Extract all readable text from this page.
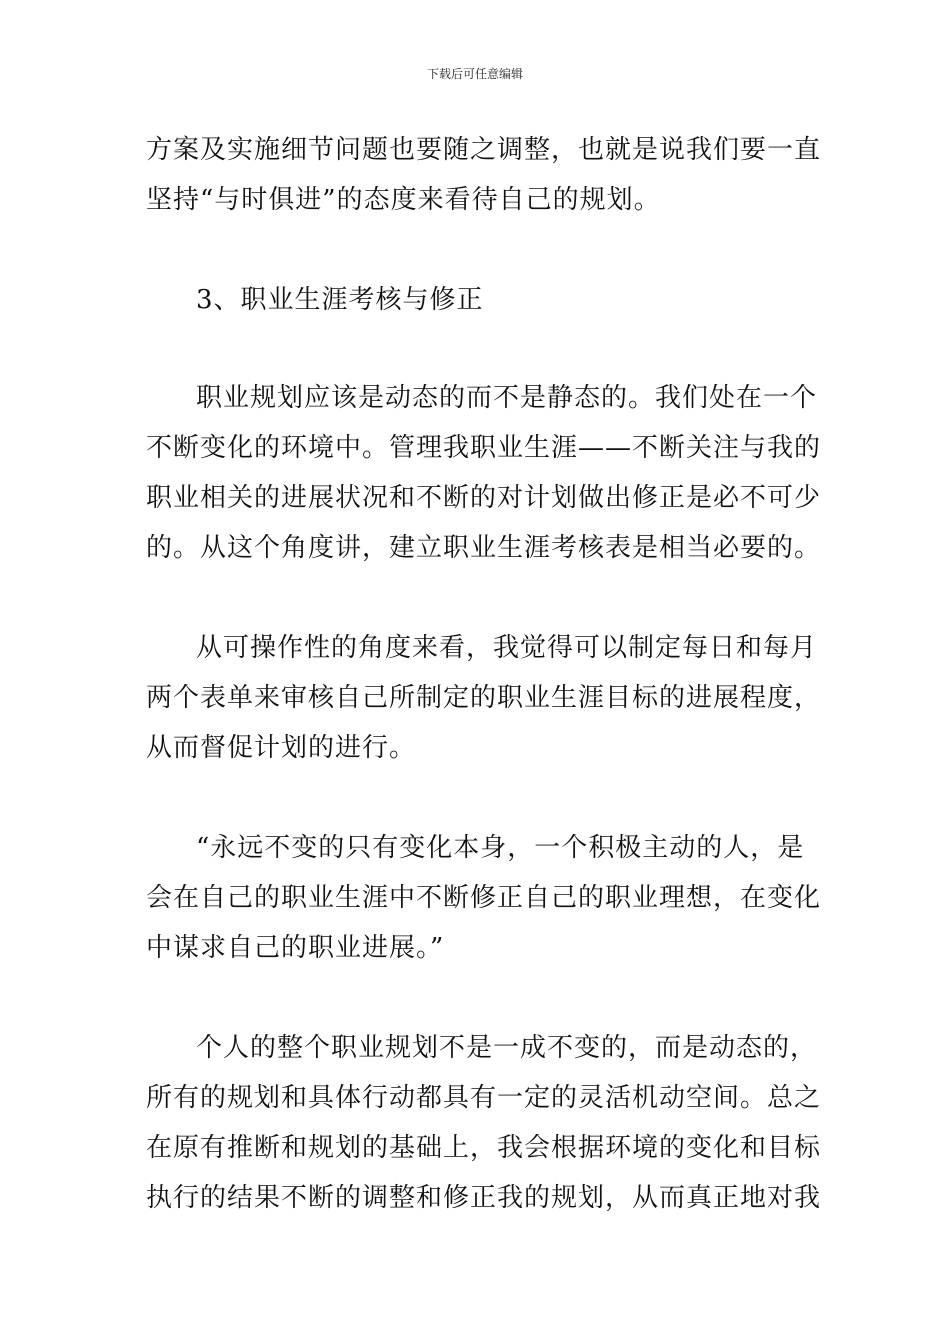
下载后可任意编辑
方案及实施细节问题也要随之调整，也就是说我们要一直
坚持“与时俱进”的态度来看待自己的规划。
3、职业生涯考核与修正
职业规划应该是动态的而不是静态的。我们处在一个
不断变化的环境中。管理我职业生涯——不断关注与我的
职业相关的进展状况和不断的对计划做出修正是必不可少
的。从这个角度讲，建立职业生涯考核表是相当必要的。
从可操作性的角度来看，我觉得可以制定每日和每月
两个表单来审核自己所制定的职业生涯目标的进展程度，
从而督促计划的进行。
“永远不变的只有变化本身，一个积极主动的人，是
会在自己的职业生涯中不断修正自己的职业理想，在变化
中谋求自己的职业进展。”
个人的整个职业规划不是一成不变的，而是动态的，
所有的规划和具体行动都具有一定的灵活机动空间。总之
在原有推断和规划的基础上，我会根据环境的变化和目标
执行的结果不断的调整和修正我的规划，从而真正地对我
